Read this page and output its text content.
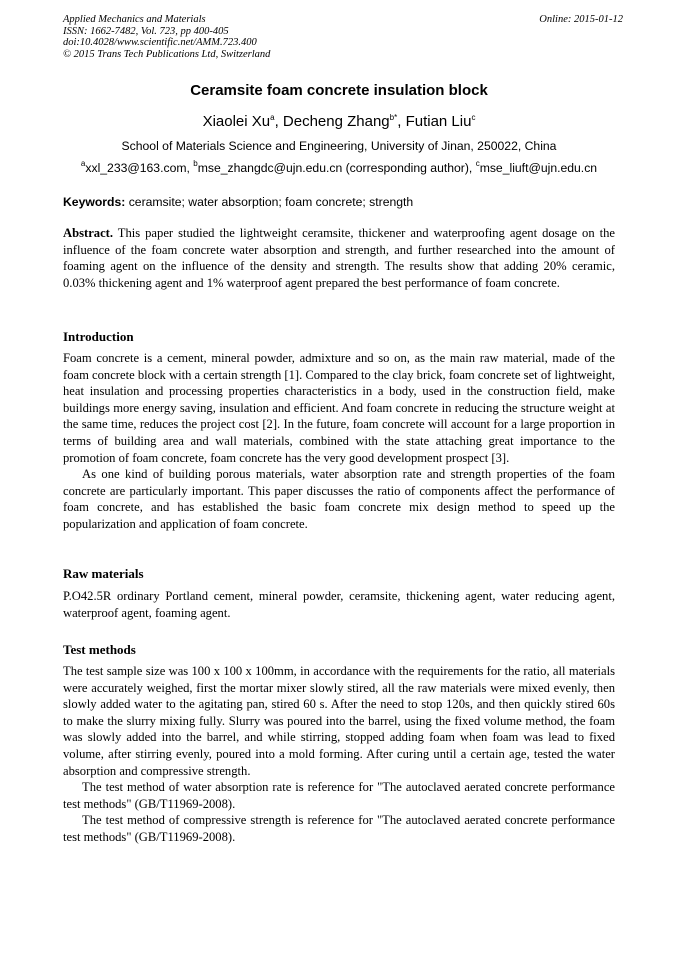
Applied Mechanics and Materials
ISSN: 1662-7482, Vol. 723, pp 400-405
doi:10.4028/www.scientific.net/AMM.723.400
© 2015 Trans Tech Publications Ltd, Switzerland
Online: 2015-01-12
Ceramsite foam concrete insulation block
Xiaolei Xu$^a$, Decheng Zhang$^{b*}$, Futian Liu$^c$
School of Materials Science and Engineering, University of Jinan, 250022, China
$^a$xxl_233@163.com, $^b$mse_zhangdc@ujn.edu.cn (corresponding author), $^c$mse_liuft@ujn.edu.cn
Keywords: ceramsite; water absorption; foam concrete; strength

Abstract. This paper studied the lightweight ceramsite, thickener and waterproofing agent dosage on the influence of the foam concrete water absorption and strength, and further researched into the amount of foaming agent on the influence of the density and strength. The results show that adding 20% ceramic, 0.03% thickening agent and 1% waterproof agent prepared the best performance of foam concrete.

Introduction

Foam concrete is a cement, mineral powder, admixture and so on, as the main raw material, made of the foam concrete block with a certain strength [1]. Compared to the clay brick, foam concrete set of lightweight, heat insulation and processing properties characteristics in a body, used in the construction field, make buildings more energy saving, insulation and efficient. And foam concrete in reducing the structure weight at the same time, reduces the project cost [2]. In the future, foam concrete will account for a large proportion in terms of building area and wall materials, combined with the state attaching great importance to the promotion of foam concrete, foam concrete has the very good development prospect [3].

As one kind of building porous materials, water absorption rate and strength properties of the foam concrete are particularly important. This paper discusses the ratio of components affect the performance of foam concrete, and has established the basic foam concrete mix design method to speed up the popularization and application of foam concrete.

Raw materials

P.O42.5R ordinary Portland cement, mineral powder, ceramsite, thickening agent, water reducing agent, waterproof agent, foaming agent.

Test methods

The test sample size was 100 x 100 x 100mm, in accordance with the requirements for the ratio, all materials were accurately weighed, first the mortar mixer slowly stired, all the raw materials were mixed evenly, then slowly added water to the agitating pan, stired 60 s. After the need to stop 120s, and then quickly stired 60s to make the slurry mixing fully. Slurry was poured into the barrel, using the fixed volume method, the foam was slowly added into the barrel, and while stirring, stopped adding foam when foam was lead to fixed volume, after stirring evenly, poured into a mold forming. After curing until a certain age, tested the water absorption and compressive strength.

The test method of water absorption rate is reference for "The autoclaved aerated concrete performance test methods" (GB/T11969-2008).

The test method of compressive strength is reference for "The autoclaved aerated concrete performance test methods" (GB/T11969-2008).
